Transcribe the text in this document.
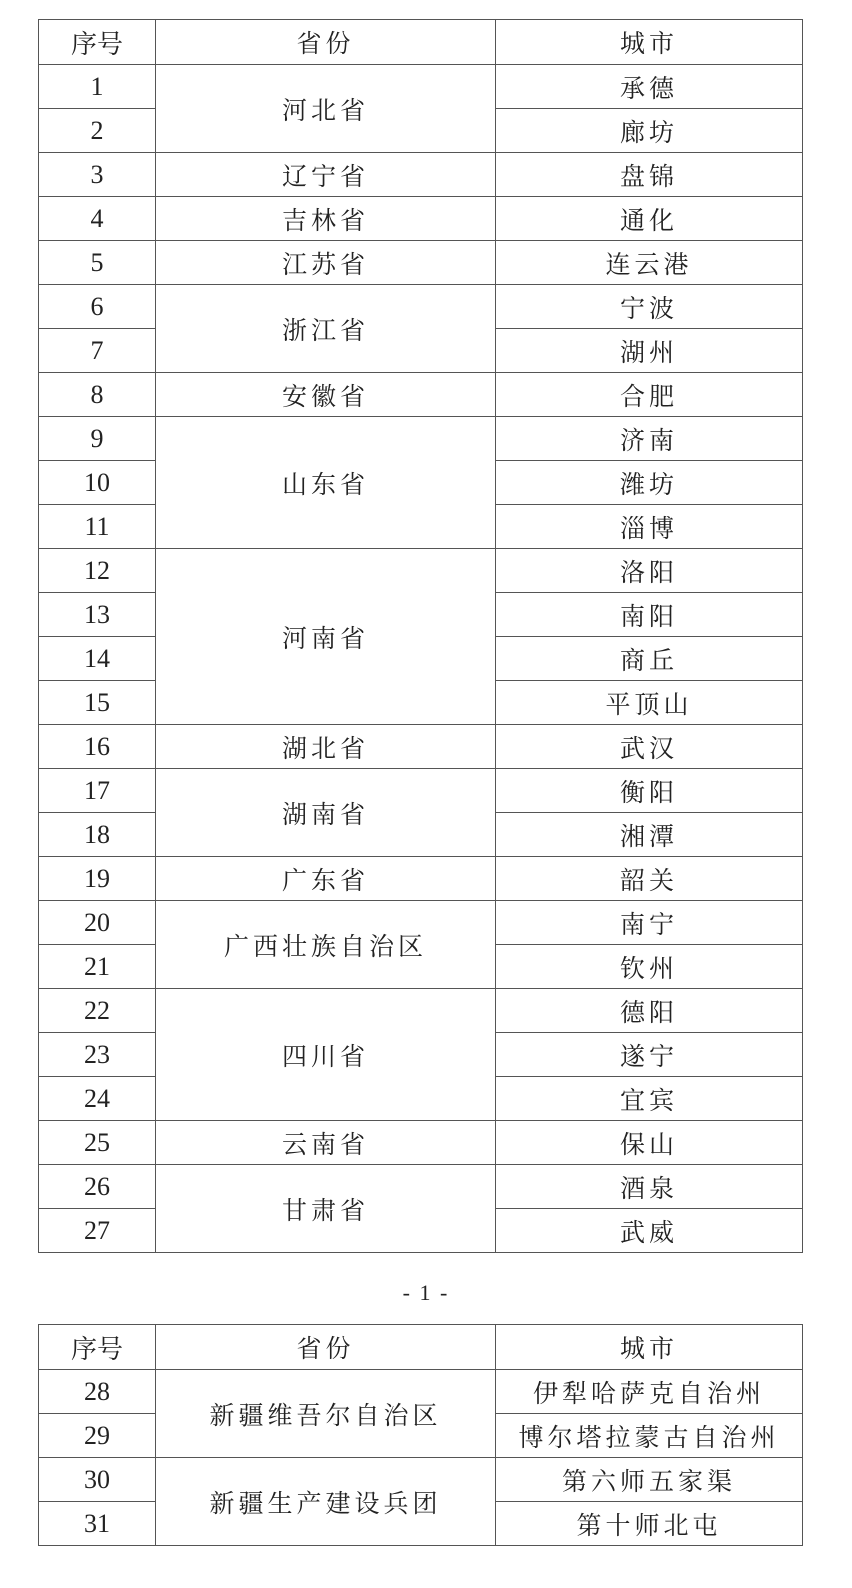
序号	省份	城市
1	河北省	承德
2		廊坊
3	辽宁省	盘锦
4	吉林省	通化
5	江苏省	连云港
6	浙江省	宁波
7		湖州
8	安徽省	合肥
9	山东省	济南
10		潍坊
11		淄博
12	河南省	洛阳
13		南阳
14		商丘
15		平顶山
16	湖北省	武汉
17	湖南省	衡阳
18		湘潭
19	广东省	韶关
20	广西壮族自治区	南宁
21		钦州
22	四川省	德阳
23		遂宁
24		宜宾
25	云南省	保山
26	甘肃省	酒泉
27		武威
- 1 -
序号	省份	城市
28	新疆维吾尔自治区	伊犁哈萨克自治州
29		博尔塔拉蒙古自治州
30	新疆生产建设兵团	第六师五家渠
31		第十师北屯
